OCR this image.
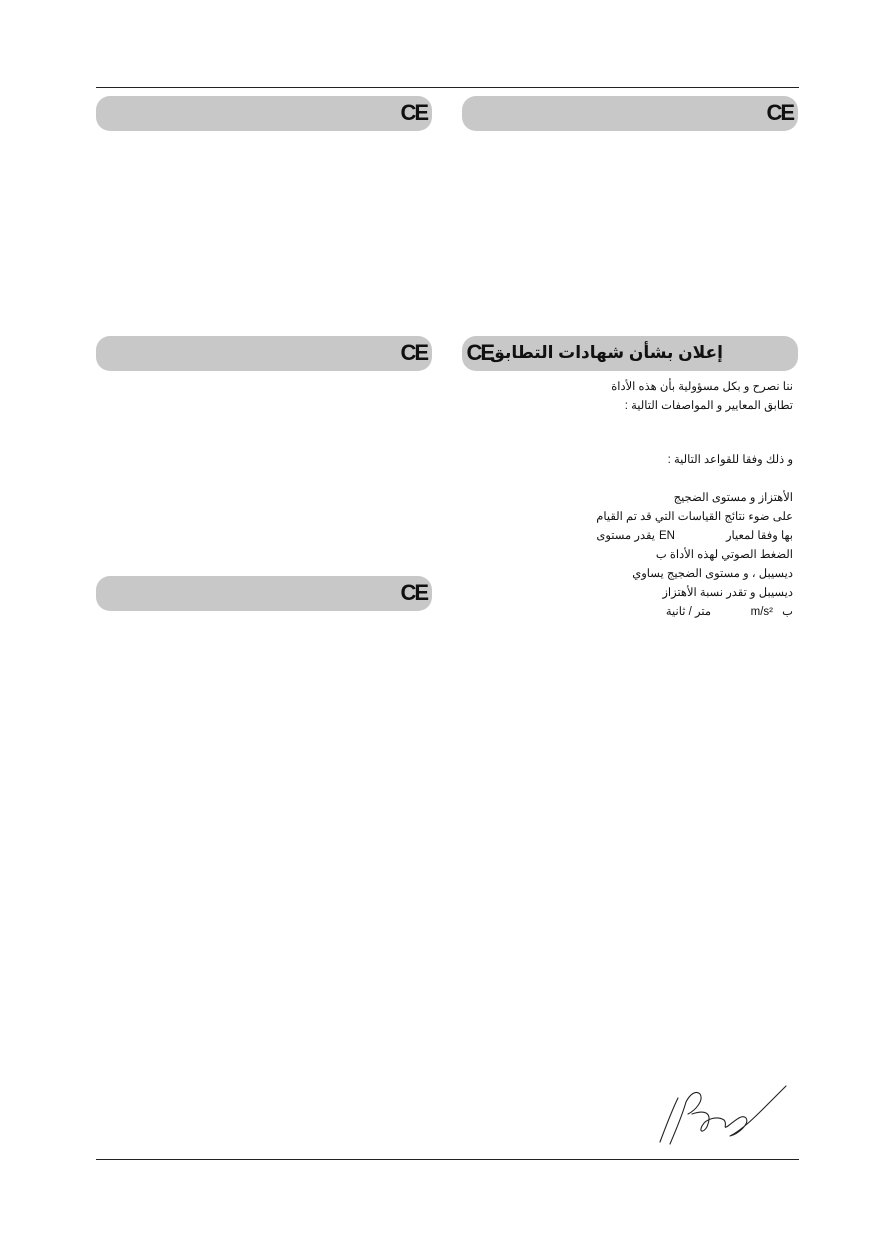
CE	CE
CE	إعلان بشأن شهادات التطابق
CE
CE
ننا نصرح و بكل مسؤولية بأن هذه الأداة
تطابق المعايير و المواصفات التالية :
و ذلك وفقا للقواعد التالية :
الأهتزاز و مستوى الضجيج
على ضوء نتائج القياسات التي قد تم القيام
بها وفقا لمعيار
EN
يقدر مستوى
الضغط الصوتي لهذه الأداة ب
ديسيبل ، و مستوى الضجيج يساوي
ديسيبل و تقدر نسبة الأهتزاز
ب
m/s²
متر / ثانية
